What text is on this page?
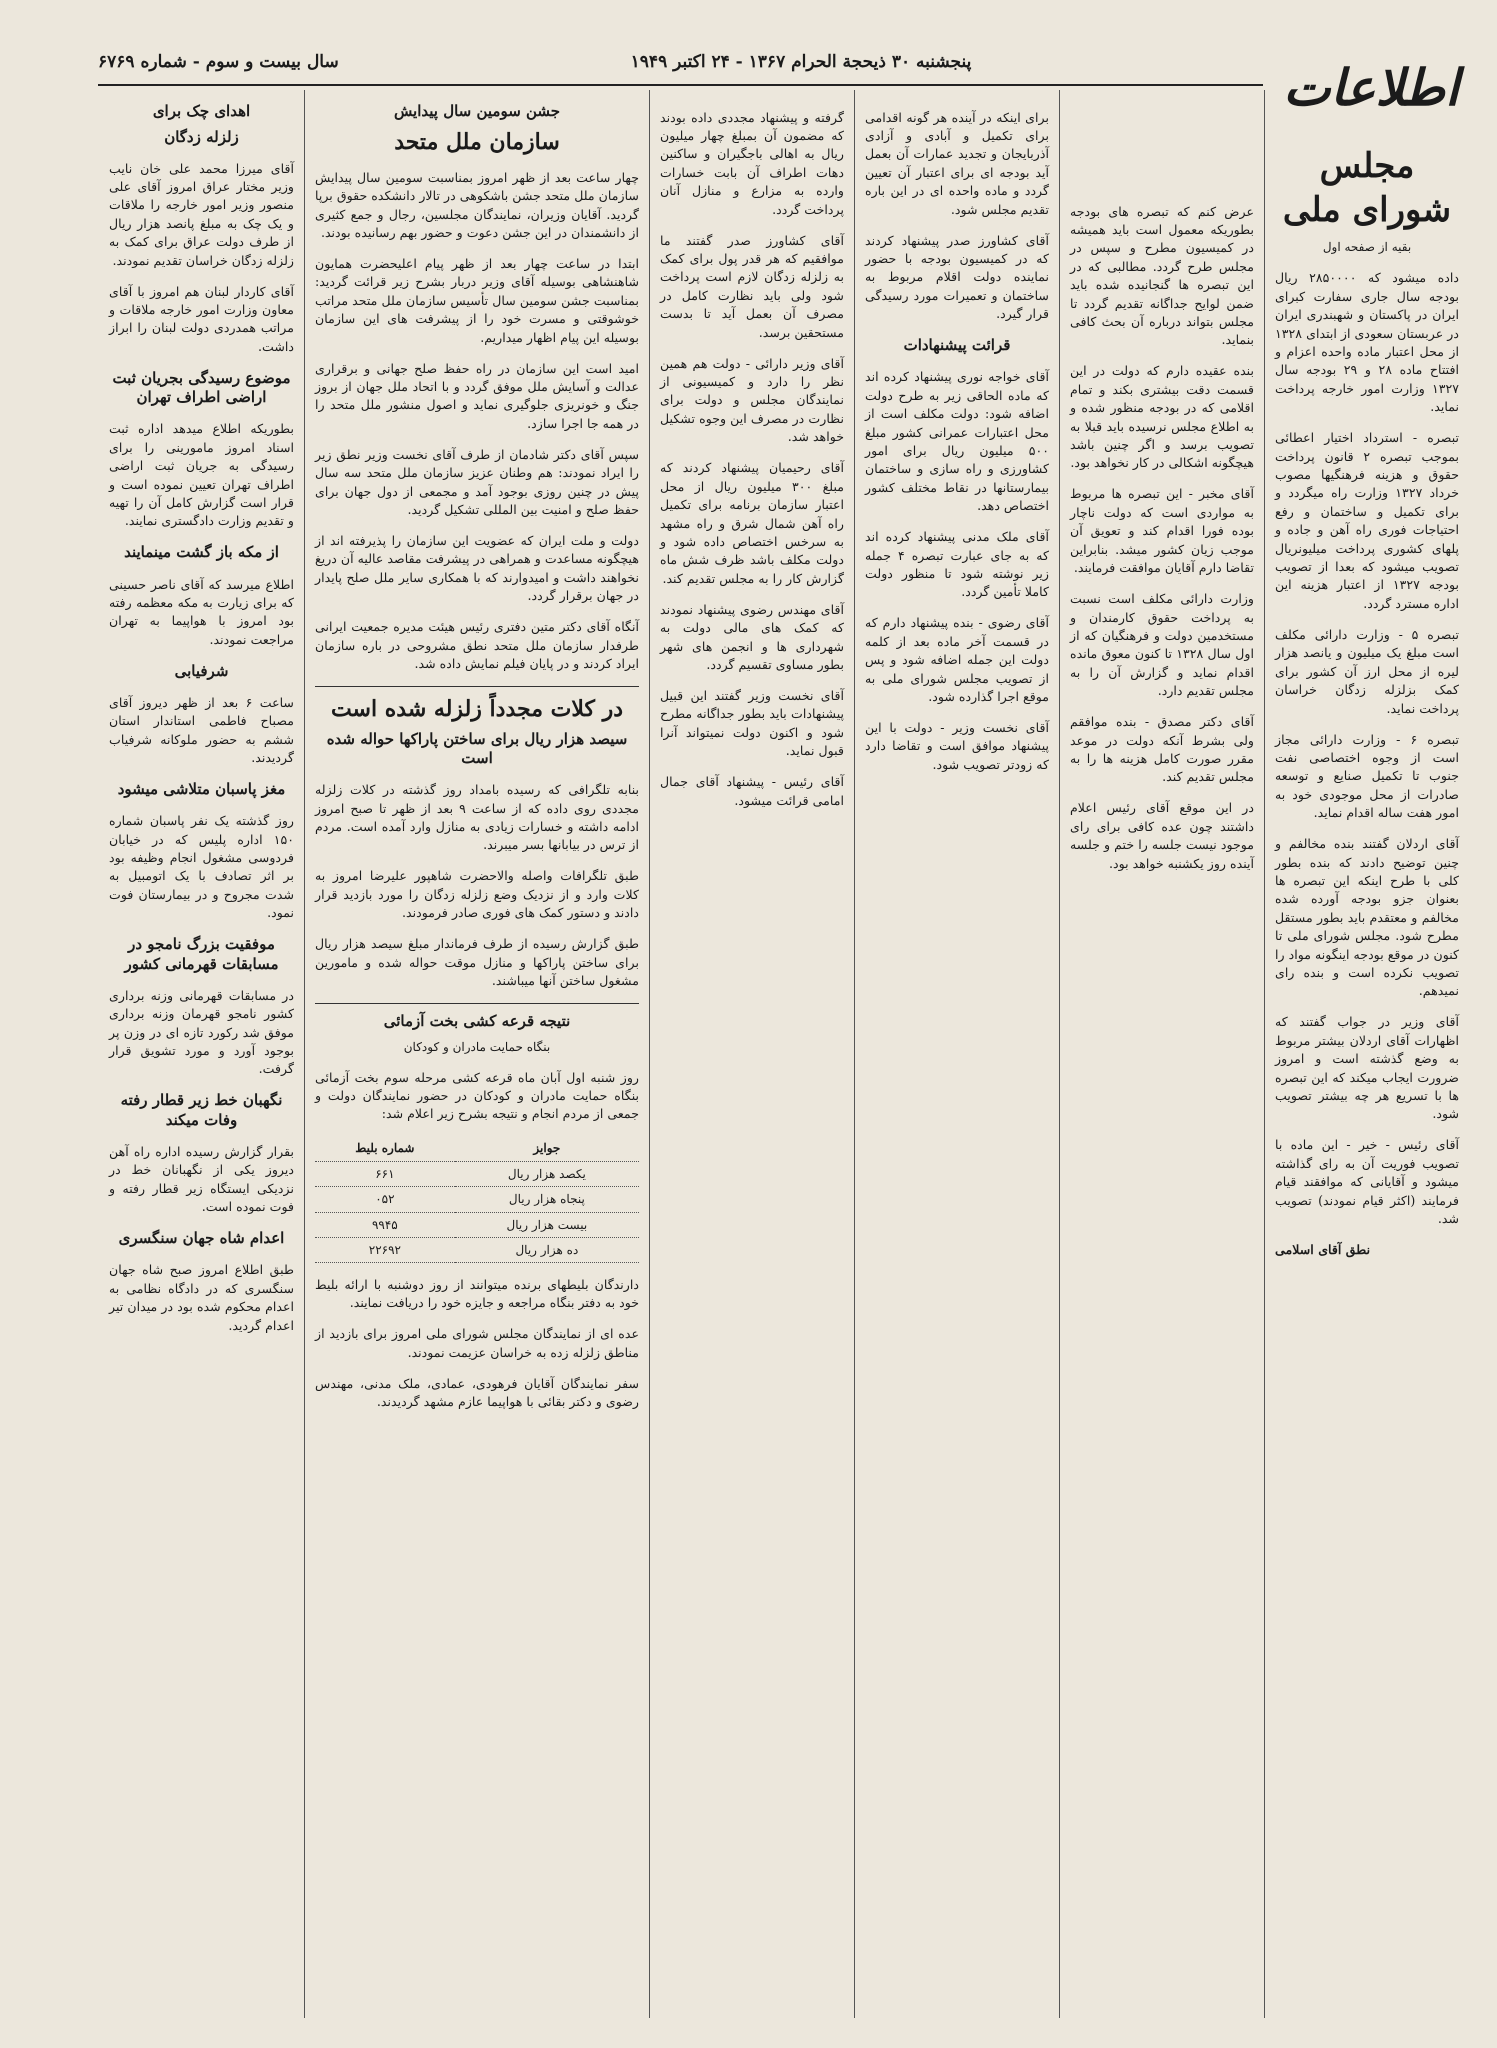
اطلاعات
پنجشنبه ۳۰ ذیحجة الحرام ۱۳۶۷ - ۲۴ اکتبر ۱۹۴۹
سال بیست و سوم - شماره ۶۷۶۹
مجلس شورای ملی
بقیه از صفحه اول

داده میشود که ۲۸۵۰۰۰۰ ریال بودجه سال جاری سفارت کبرای ایران در پاکستان و شهبندری ایران در عربستان سعودی از ابتدای ۱۳۲۸ از محل اعتبار ماده واحده اعزام و افتتاح ماده ۲۸ و ۲۹ بودجه سال ۱۳۲۷ وزارت امور خارجه پرداخت نماید.

تبصره - استرداد اختیار اعطائی بموجب تبصره ۲ قانون پرداخت حقوق و هزینه فرهنگیها مصوب خرداد ۱۳۲۷ وزارت راه میگردد و برای تکمیل و ساختمان و رفع احتیاجات فوری راه آهن و جاده و پلهای کشوری پرداخت میلیونریال تصویب میشود که بعدا از تصویب بودجه ۱۳۲۷ از اعتبار هزینه این اداره مسترد گردد.

تبصره ۵ - وزارت دارائی مکلف است مبلغ یک میلیون و یانصد هزار لیره از محل ارز آن کشور برای کمک بزلزله زدگان خراسان پرداخت نماید.

تبصره ۶ - وزارت دارائی مجاز است از وجوه اختصاصی نفت جنوب تا تکمیل صنایع و توسعه صادرات از محل موجودی خود به امور هفت ساله اقدام نماید.

آقای اردلان گفتند بنده مخالفم و چنین توضیح دادند که بنده بطور کلی با طرح اینکه این تبصره ها بعنوان جزو بودجه آورده شده مخالفم و معتقدم باید بطور مستقل مطرح شود. مجلس شورای ملی تا کنون در موقع بودجه اینگونه مواد را تصویب نکرده است و بنده رای نمیدهم.

آقای وزیر در جواب گفتند که اظهارات آقای اردلان بیشتر مربوط به وضع گذشته است و امروز ضرورت ایجاب میکند که این تبصره ها با تسریع هر چه بیشتر تصویب شود.

آقای رئیس - خیر - این ماده با تصویب فوریت آن به رای گذاشته میشود و آقایانی که موافقند قیام فرمایند (اکثر قیام نمودند) تصویب شد.

نطق آقای اسلامی

عرض کنم که تبصره های بودجه بطوریکه معمول است باید همیشه در کمیسیون مطرح و سپس در مجلس طرح گردد. مطالبی که در این تبصره ها گنجانیده شده باید ضمن لوایح جداگانه تقدیم گردد تا مجلس بتواند درباره آن بحث کافی بنماید.

بنده عقیده دارم که دولت در این قسمت دقت بیشتری بکند و تمام اقلامی که در بودجه منظور شده و به اطلاع مجلس نرسیده باید قبلا به تصویب برسد و اگر چنین باشد هیچگونه اشکالی در کار نخواهد بود.

آقای مخبر - این تبصره ها مربوط به مواردی است که دولت ناچار بوده فورا اقدام کند و تعویق آن موجب زیان کشور میشد. بنابراین تقاضا دارم آقایان موافقت فرمایند.

وزارت دارائی مکلف است نسبت به پرداخت حقوق کارمندان و مستخدمین دولت و فرهنگیان که از اول سال ۱۳۲۸ تا کنون معوق مانده اقدام نماید و گزارش آن را به مجلس تقدیم دارد.

آقای دکتر مصدق - بنده موافقم ولی بشرط آنکه دولت در موعد مقرر صورت کامل هزینه ها را به مجلس تقدیم کند.

در این موقع آقای رئیس اعلام داشتند چون عده کافی برای رای موجود نیست جلسه را ختم و جلسه آینده روز یکشنبه خواهد بود.

برای اینکه در آینده هر گونه اقدامی برای تکمیل و آبادی و آزادی آذربایجان و تجدید عمارات آن بعمل آید بودجه ای برای اعتبار آن تعیین گردد و ماده واحده ای در این باره تقدیم مجلس شود.

آقای کشاورز صدر پیشنهاد کردند که در کمیسیون بودجه با حضور نماینده دولت اقلام مربوط به ساختمان و تعمیرات مورد رسیدگی قرار گیرد.

قرائت پیشنهادات

آقای خواجه نوری پیشنهاد کرده اند که ماده الحاقی زیر به طرح دولت اضافه شود: دولت مکلف است از محل اعتبارات عمرانی کشور مبلغ ۵۰۰ میلیون ریال برای امور کشاورزی و راه سازی و ساختمان بیمارستانها در نقاط مختلف کشور اختصاص دهد.

آقای ملک مدنی پیشنهاد کرده اند که به جای عبارت تبصره ۴ جمله زیر نوشته شود تا منظور دولت کاملا تأمین گردد.

آقای رضوی - بنده پیشنهاد دارم که در قسمت آخر ماده بعد از کلمه دولت این جمله اضافه شود و پس از تصویب مجلس شورای ملی به موقع اجرا گذارده شود.

آقای نخست وزیر - دولت با این پیشنهاد موافق است و تقاضا دارد که زودتر تصویب شود.

گرفته و پیشنهاد مجددی داده بودند که مضمون آن بمبلغ چهار میلیون ریال به اهالی باجگیران و ساکنین دهات اطراف آن بابت خسارات وارده به مزارع و منازل آنان پرداخت گردد.

آقای کشاورز صدر گفتند ما موافقیم که هر قدر پول برای کمک به زلزله زدگان لازم است پرداخت شود ولی باید نظارت کامل در مصرف آن بعمل آید تا بدست مستحقین برسد.

آقای وزیر دارائی - دولت هم همین نظر را دارد و کمیسیونی از نمایندگان مجلس و دولت برای نظارت در مصرف این وجوه تشکیل خواهد شد.

آقای رحیمیان پیشنهاد کردند که مبلغ ۳۰۰ میلیون ریال از محل اعتبار سازمان برنامه برای تکمیل راه آهن شمال شرق و راه مشهد به سرخس اختصاص داده شود و دولت مکلف باشد ظرف شش ماه گزارش کار را به مجلس تقدیم کند.

آقای مهندس رضوی پیشنهاد نمودند که کمک های مالی دولت به شهرداری ها و انجمن های شهر بطور مساوی تقسیم گردد.

آقای نخست وزیر گفتند این قبیل پیشنهادات باید بطور جداگانه مطرح شود و اکنون دولت نمیتواند آنرا قبول نماید.

آقای رئیس - پیشنهاد آقای جمال امامی قرائت میشود.

جشن سومین سال پیدایش
سازمان ملل متحد

چهار ساعت بعد از ظهر امروز بمناسبت سومین سال پیدایش سازمان ملل متحد جشن باشکوهی در تالار دانشکده حقوق برپا گردید. آقایان وزیران، نمایندگان مجلسین، رجال و جمع کثیری از دانشمندان در این جشن دعوت و حضور بهم رسانیده بودند.

ابتدا در ساعت چهار بعد از ظهر پیام اعلیحضرت همایون شاهنشاهی بوسیله آقای وزیر دربار بشرح زیر قرائت گردید: بمناسبت جشن سومین سال تأسیس سازمان ملل متحد مراتب خوشوقتی و مسرت خود را از پیشرفت های این سازمان بوسیله این پیام اظهار میداریم.

امید است این سازمان در راه حفظ صلح جهانی و برقراری عدالت و آسایش ملل موفق گردد و با اتحاد ملل جهان از بروز جنگ و خونریزی جلوگیری نماید و اصول منشور ملل متحد را در همه جا اجرا سازد.

سپس آقای دکتر شادمان از طرف آقای نخست وزیر نطق زیر را ایراد نمودند: هم وطنان عزیز سازمان ملل متحد سه سال پیش در چنین روزی بوجود آمد و مجمعی از دول جهان برای حفظ صلح و امنیت بین المللی تشکیل گردید.

دولت و ملت ایران که عضویت این سازمان را پذیرفته اند از هیچگونه مساعدت و همراهی در پیشرفت مقاصد عالیه آن دریغ نخواهند داشت و امیدوارند که با همکاری سایر ملل صلح پایدار در جهان برقرار گردد.

آنگاه آقای دکتر متین دفتری رئیس هیئت مدیره جمعیت ایرانی طرفدار سازمان ملل متحد نطق مشروحی در باره سازمان ایراد کردند و در پایان فیلم نمایش داده شد.

در کلات مجدداً زلزله شده است
سیصد هزار ریال برای ساختن پاراکها حواله شده است

بنابه تلگرافی که رسیده بامداد روز گذشته در کلات زلزله مجددی روی داده که از ساعت ۹ بعد از ظهر تا صبح امروز ادامه داشته و خسارات زیادی به منازل وارد آمده است. مردم از ترس در بیابانها بسر میبرند.

طبق تلگرافات واصله والاحضرت شاهپور علیرضا امروز به کلات وارد و از نزدیک وضع زلزله زدگان را مورد بازدید قرار دادند و دستور کمک های فوری صادر فرمودند.

طبق گزارش رسیده از طرف فرماندار مبلغ سیصد هزار ریال برای ساختن پاراکها و منازل موقت حواله شده و مامورین مشغول ساختن آنها میباشند.

نتیجه قرعه کشی بخت آزمائی
بنگاه حمایت مادران و کودکان

روز شنبه اول آبان ماه قرعه کشی مرحله سوم بخت آزمائی بنگاه حمایت مادران و کودکان در حضور نمایندگان دولت و جمعی از مردم انجام و نتیجه بشرح زیر اعلام شد:

جوایز	شماره بلیط
یکصد هزار ریال	۶۶۱
پنجاه هزار ریال	۰۵۲
بیست هزار ریال	۹۹۴۵
ده هزار ریال	۲۲۶۹۲

دارندگان بلیطهای برنده میتوانند از روز دوشنبه با ارائه بلیط خود به دفتر بنگاه مراجعه و جایزه خود را دریافت نمایند.

عده ای از نمایندگان مجلس شورای ملی امروز برای بازدید از مناطق زلزله زده به خراسان عزیمت نمودند.

سفر نمایندگان آقایان فرهودی، عمادی، ملک مدنی، مهندس رضوی و دکتر بقائی با هواپیما عازم مشهد گردیدند.

اهدای چک برای
زلزله زدگان

آقای میرزا محمد علی خان نایب وزیر مختار عراق امروز آقای علی منصور وزیر امور خارجه را ملاقات و یک چک به مبلغ پانصد هزار ریال از طرف دولت عراق برای کمک به زلزله زدگان خراسان تقدیم نمودند.

آقای کاردار لبنان هم امروز با آقای معاون وزارت امور خارجه ملاقات و مراتب همدردی دولت لبنان را ابراز داشت.

موضوع رسیدگی بجریان ثبت اراضی اطراف تهران

بطوریکه اطلاع میدهد اداره ثبت اسناد امروز مامورینی را برای رسیدگی به جریان ثبت اراضی اطراف تهران تعیین نموده است و قرار است گزارش کامل آن را تهیه و تقدیم وزارت دادگستری نمایند.

از مکه باز گشت مینمایند

اطلاع میرسد که آقای ناصر حسینی که برای زیارت به مکه معظمه رفته بود امروز با هواپیما به تهران مراجعت نمودند.

شرفیابی

ساعت ۶ بعد از ظهر دیروز آقای مصباح فاطمی استاندار استان ششم به حضور ملوکانه شرفیاب گردیدند.

مغز پاسبان متلاشی میشود

روز گذشته یک نفر پاسبان شماره ۱۵۰ اداره پلیس که در خیابان فردوسی مشغول انجام وظیفه بود بر اثر تصادف با یک اتومبیل به شدت مجروح و در بیمارستان فوت نمود.

موفقیت بزرگ نامجو در مسابقات قهرمانی کشور

در مسابقات قهرمانی وزنه برداری کشور نامجو قهرمان وزنه برداری موفق شد رکورد تازه ای در وزن پر بوجود آورد و مورد تشویق قرار گرفت.

نگهبان خط زیر قطار رفته وفات میکند

بقرار گزارش رسیده اداره راه آهن دیروز یکی از نگهبانان خط در نزدیکی ایستگاه زیر قطار رفته و فوت نموده است.

اعدام شاه جهان سنگسری

طبق اطلاع امروز صبح شاه جهان سنگسری که در دادگاه نظامی به اعدام محکوم شده بود در میدان تیر اعدام گردید.
